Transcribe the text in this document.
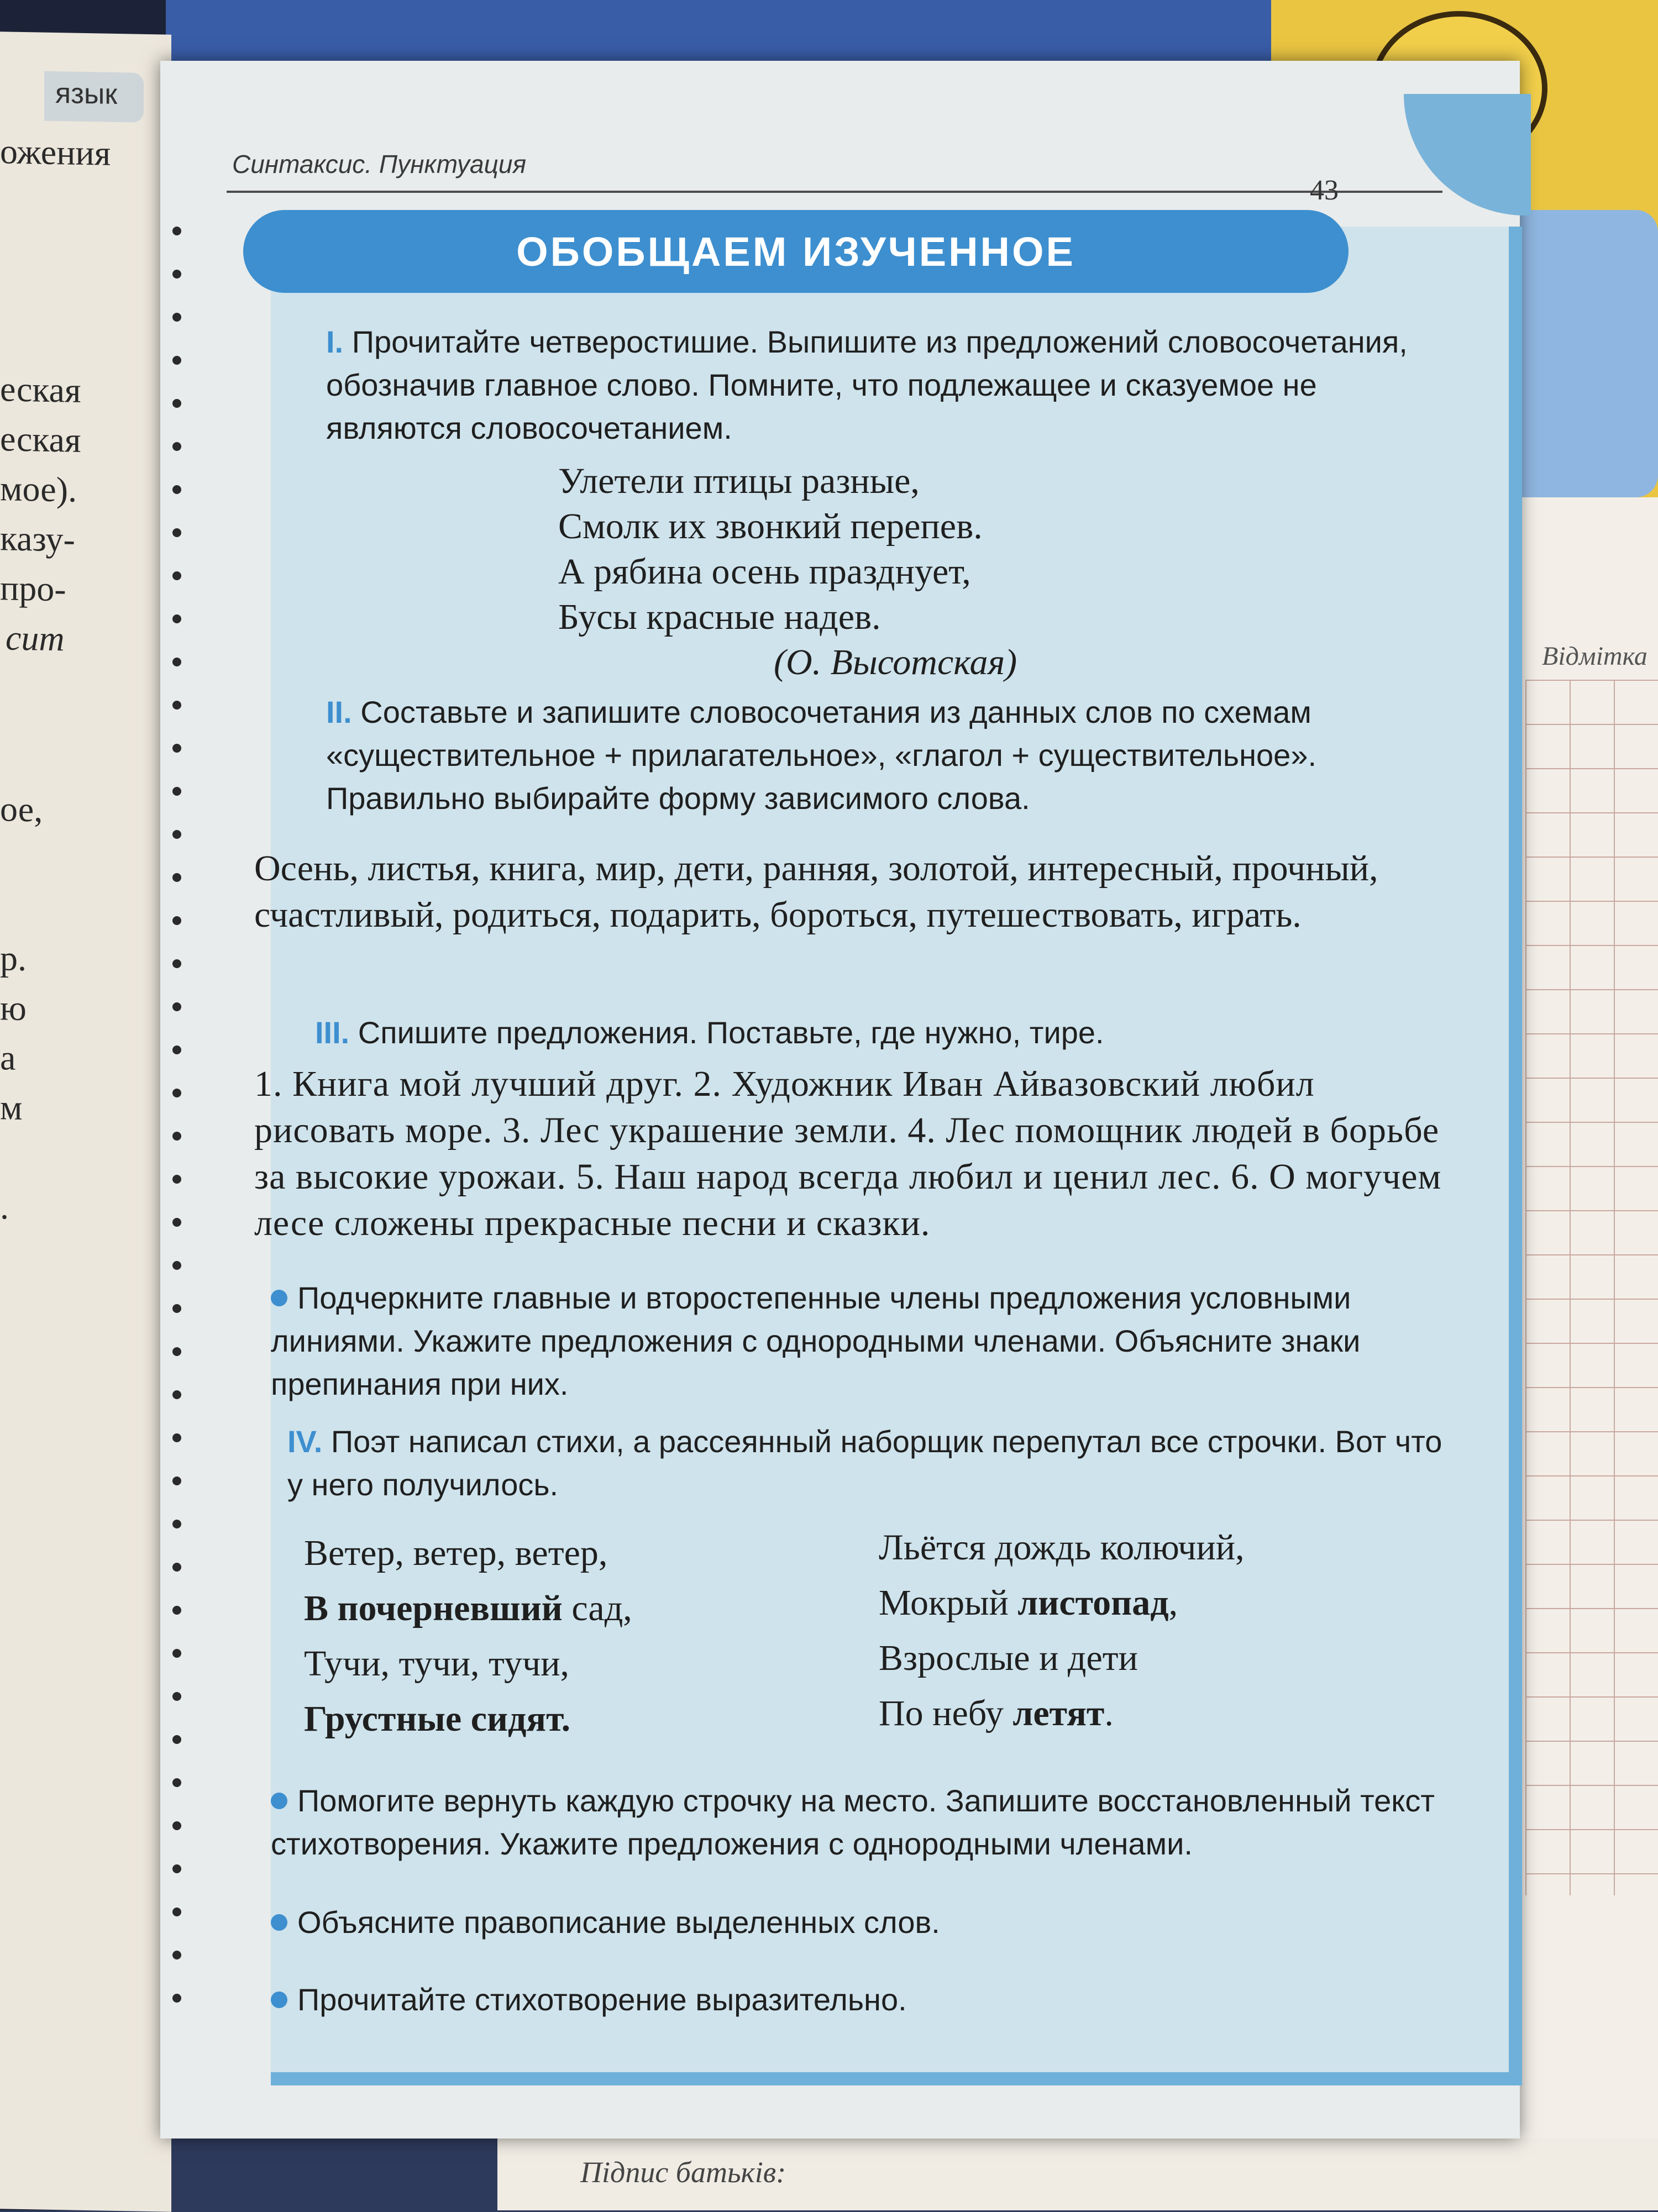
язык
ожения
еская
еская
мое).
казу-
про-
сит
ое,
р.
ю
а
м
.
Відмітка
Підпис батьків:
Синтаксис. Пунктуация
43
ОБОБЩАЕМ ИЗУЧЕННОЕ
I. Прочитайте четверостишие. Выпишите из предложений словосочетания, обозначив главное слово. Помните, что подлежащее и сказуемое не являются словосочетанием.
Улетели птицы разные,
Смолк их звонкий перепев.
А рябина осень празднует,
Бусы красные надев.
(О. Высотская)
II. Составьте и запишите словосочетания из данных слов по схемам «существительное + прилагательное», «глагол + существительное». Правильно выбирайте форму зависимого слова.
Осень, листья, книга, мир, дети, ранняя, золотой, интересный, прочный, счастливый, родиться, подарить, бороться, путешествовать, играть.
III. Спишите предложения. Поставьте, где нужно, тире.
1. Книга мой лучший друг. 2. Художник Иван Айвазовский любил рисовать море. 3. Лес украшение земли. 4. Лес помощник людей в борьбе за высокие урожаи. 5. Наш народ всегда любил и ценил лес. 6. О могучем лесе сложены прекрасные песни и сказки.
Подчеркните главные и второстепенные члены предложения условными линиями. Укажите предложения с однородными членами. Объясните знаки препинания при них.
IV. Поэт написал стихи, а рассеянный наборщик перепутал все строчки. Вот что у него получилось.
Ветер, ветер, ветер,
В почерневший сад,
Тучи, тучи, тучи,
Грустные сидят.
Льётся дождь колючий,
Мокрый листопад,
Взрослые и дети
По небу летят.
Помогите вернуть каждую строчку на место. Запишите восстановленный текст стихотворения. Укажите предложения с однородными членами.
Объясните правописание выделенных слов.
Прочитайте стихотворение выразительно.
